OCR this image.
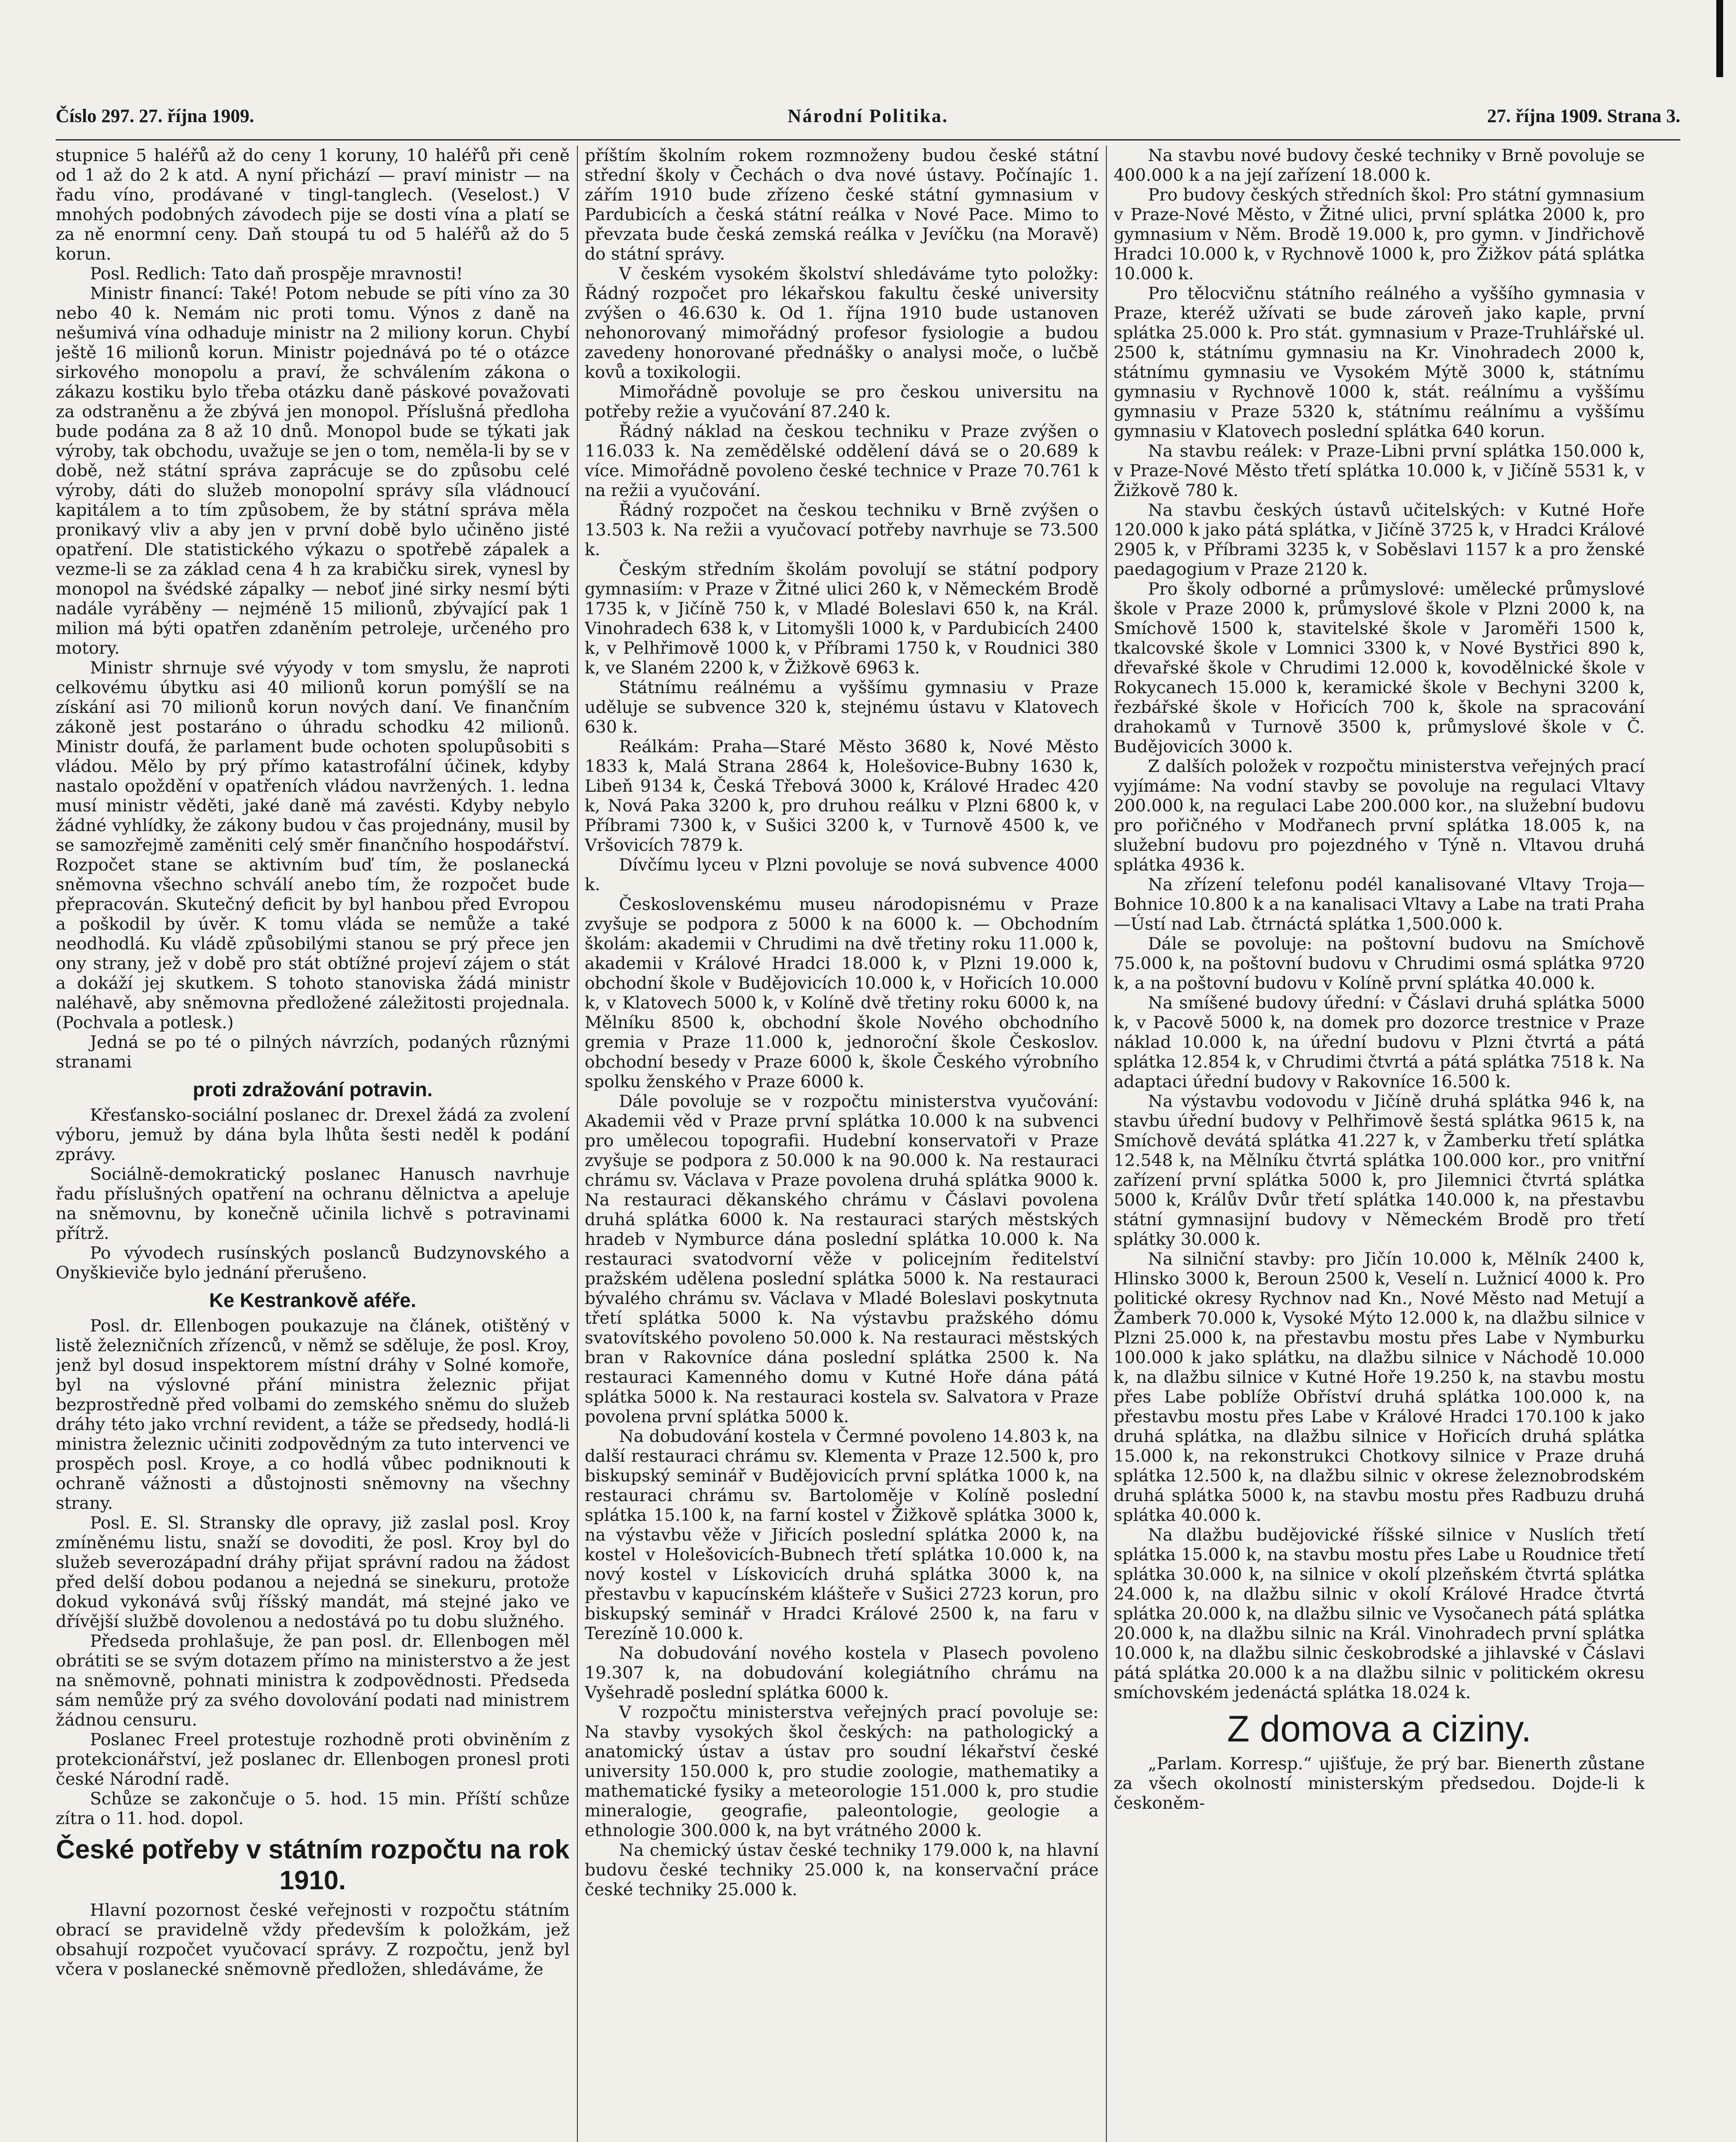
Číslo 297. 27. října 1909.	Národní Politika.	27. října 1909. Strana 3.

stupnice 5 haléřů až do ceny 1 koruny, 10 haléřů při ceně od 1 až do 2 k atd. A nyní přichází — praví ministr — na řadu víno, prodávané v tingl-tanglech. (Veselost.) V mnohých podobných závodech pije se dosti vína a platí se za ně enormní ceny. Daň stoupá tu od 5 haléřů až do 5 korun.

Posl. Redlich: Tato daň prospěje mravnosti!

Ministr financí: Také! Potom nebude se píti víno za 30 nebo 40 k. Nemám nic proti tomu. Výnos z daně na nešumivá vína odhaduje ministr na 2 miliony korun. Chybí ještě 16 milionů korun. Ministr pojednává po té o otázce sirkového monopolu a praví, že schválením zákona o zákazu kostiku bylo třeba otázku daně páskové považovati za odstraněnu a že zbývá jen monopol. Příslušná předloha bude podána za 8 až 10 dnů. Monopol bude se týkati jak výroby, tak obchodu, uvažuje se jen o tom, neměla-li by se v době, než státní správa zaprácuje se do způsobu celé výroby, dáti do služeb monopolní správy síla vládnoucí kapitálem a to tím způsobem, že by státní správa měla pronikavý vliv a aby jen v první době bylo učiněno jisté opatření. Dle statistického výkazu o spotřebě zápalek a vezme-li se za základ cena 4 h za krabičku sirek, vynesl by monopol na švédské zápalky — neboť jiné sirky nesmí býti nadále vyráběny — nejméně 15 milionů, zbývající pak 1 milion má býti opatřen zdaněním petroleje, určeného pro motory.

Ministr shrnuje své výyody v tom smyslu, že naproti celkovému úbytku asi 40 milionů korun pomýšlí se na získání asi 70 milionů korun nových daní. Ve finančním zákoně jest postaráno o úhradu schodku 42 milionů. Ministr doufá, že parlament bude ochoten spolupůsobiti s vládou. Mělo by prý přímo katastrofální účinek, kdyby nastalo opoždění v opatřeních vládou navržených. 1. ledna musí ministr věděti, jaké daně má zavésti. Kdyby nebylo žádné vyhlídky, že zákony budou v čas projednány, musil by se samozřejmě zaměniti celý směr finančního hospodářství. Rozpočet stane se aktivním buď tím, že poslanecká sněmovna všechno schválí anebo tím, že rozpočet bude přepracován. Skutečný deficit by byl hanbou před Evropou a poškodil by úvěr. K tomu vláda se nemůže a také neodhodlá. Ku vládě způsobilými stanou se prý přece jen ony strany, jež v době pro stát obtížné projeví zájem o stát a dokáží jej skutkem. S tohoto stanoviska žádá ministr naléhavě, aby sněmovna předložené záležitosti projednala. (Pochvala a potlesk.)

Jedná se po té o pilných návrzích, podaných různými stranami

proti zdražování potravin.

Křesťansko-sociální poslanec dr. Drexel žádá za zvolení výboru, jemuž by dána byla lhůta šesti neděl k podání zprávy.

Sociálně-demokratický poslanec Hanusch navrhuje řadu příslušných opatření na ochranu dělnictva a apeluje na sněmovnu, by konečně učinila lichvě s potravinami přítrž.

Po vývodech rusínských poslanců Budzynovského a Onyškieviče bylo jednání přerušeno.

Ke Kestrankově aféře.

Posl. dr. Ellenbogen poukazuje na článek, otištěný v listě železničních zřízenců, v němž se sděluje, že posl. Kroy, jenž byl dosud inspektorem místní dráhy v Solné komoře, byl na výslovné přání ministra železnic přijat bezprostředně před volbami do zemského sněmu do služeb dráhy této jako vrchní revident, a táže se předsedy, hodlá-li ministra železnic učiniti zodpovědným za tuto intervenci ve prospěch posl. Kroye, a co hodlá vůbec podniknouti k ochraně vážnosti a důstojnosti sněmovny na všechny strany.

Posl. E. Sl. Stransky dle opravy, již zaslal posl. Kroy zmíněnému listu, snaží se dovoditi, že posl. Kroy byl do služeb severozápadní dráhy přijat správní radou na žádost před delší dobou podanou a nejedná se sinekuru, protože dokud vykonává svůj říšský mandát, má stejné jako ve dřívější službě dovolenou a nedostává po tu dobu služného.

Předseda prohlašuje, že pan posl. dr. Ellenbogen měl obrátiti se se svým dotazem přímo na ministerstvo a že jest na sněmovně, pohnati ministra k zodpovědnosti. Předseda sám nemůže prý za svého dovolování podati nad ministrem žádnou censuru.

Poslanec Freel protestuje rozhodně proti obviněním z protekcionářství, jež poslanec dr. Ellenbogen pronesl proti české Národní radě.

Schůze se zakončuje o 5. hod. 15 min. Příští schůze zítra o 11. hod. dopol.

České potřeby v státním rozpočtu na rok 1910.

Hlavní pozornost české veřejnosti v rozpočtu státním obrací se pravidelně vždy především k položkám, jež obsahují rozpočet vyučovací správy. Z rozpočtu, jenž byl včera v poslanecké sněmovně předložen, shledáváme, že

příštím školním rokem rozmnoženy budou české státní střední školy v Čechách o dva nové ústavy. Počínajíc 1. zářím 1910 bude zřízeno české státní gymnasium v Pardubicích a česká státní reálka v Nové Pace. Mimo to převzata bude česká zemská reálka v Jevíčku (na Moravě) do státní správy.

V českém vysokém školství shledáváme tyto položky: Řádný rozpočet pro lékařskou fakultu české university zvýšen o 46.630 k. Od 1. října 1910 bude ustanoven nehonorovaný mimořádný profesor fysiologie a budou zavedeny honorované přednášky o analysi moče, o lučbě kovů a toxikologii.

Mimořádně povoluje se pro českou universitu na potřeby režie a vyučování 87.240 k.

Řádný náklad na českou techniku v Praze zvýšen o 116.033 k. Na zemědělské oddělení dává se o 20.689 k více. Mimořádně povoleno české technice v Praze 70.761 k na režii a vyučování.

Řádný rozpočet na českou techniku v Brně zvýšen o 13.503 k. Na režii a vyučovací potřeby navrhuje se 73.500 k.

Českým středním školám povolují se státní podpory gymnasiím: v Praze v Žitné ulici 260 k, v Německém Brodě 1735 k, v Jičíně 750 k, v Mladé Boleslavi 650 k, na Král. Vinohradech 638 k, v Litomyšli 1000 k, v Pardubicích 2400 k, v Pelhřimově 1000 k, v Příbrami 1750 k, v Roudnici 380 k, ve Slaném 2200 k, v Žižkově 6963 k.

Státnímu reálnému a vyššímu gymnasiu v Praze uděluje se subvence 320 k, stejnému ústavu v Klatovech 630 k.

Reálkám: Praha—Staré Město 3680 k, Nové Město 1833 k, Malá Strana 2864 k, Holešovice-Bubny 1630 k, Libeň 9134 k, Česká Třebová 3000 k, Králové Hradec 420 k, Nová Paka 3200 k, pro druhou reálku v Plzni 6800 k, v Příbrami 7300 k, v Sušici 3200 k, v Turnově 4500 k, ve Vršovicích 7879 k.

Dívčímu lyceu v Plzni povoluje se nová subvence 4000 k.

Československému museu národopisnému v Praze zvyšuje se podpora z 5000 k na 6000 k. — Obchodním školám: akademii v Chrudimi na dvě třetiny roku 11.000 k, akademii v Králové Hradci 18.000 k, v Plzni 19.000 k, obchodní škole v Budějovicích 10.000 k, v Hořicích 10.000 k, v Klatovech 5000 k, v Kolíně dvě třetiny roku 6000 k, na Mělníku 8500 k, obchodní škole Nového obchodního gremia v Praze 11.000 k, jednoroční škole Českoslov. obchodní besedy v Praze 6000 k, škole Českého výrobního spolku ženského v Praze 6000 k.

Dále povoluje se v rozpočtu ministerstva vyučování: Akademii věd v Praze první splátka 10.000 k na subvenci pro umělecou topografii. Hudební konservatoři v Praze zvyšuje se podpora z 50.000 k na 90.000 k. Na restauraci chrámu sv. Václava v Praze povolena druhá splátka 9000 k. Na restauraci děkanského chrámu v Čáslavi povolena druhá splátka 6000 k. Na restauraci starých městských hradeb v Nymburce dána poslední splátka 10.000 k. Na restauraci svatodvorní věže v policejním ředitelství pražském udělena poslední splátka 5000 k. Na restauraci bývalého chrámu sv. Václava v Mladé Boleslavi poskytnuta třetí splátka 5000 k. Na výstavbu pražského dómu svatovítského povoleno 50.000 k. Na restauraci městských bran v Rakovníce dána poslední splátka 2500 k. Na restauraci Kamenného domu v Kutné Hoře dána pátá splátka 5000 k. Na restauraci kostela sv. Salvatora v Praze povolena první splátka 5000 k.

Na dobudování kostela v Čermné povoleno 14.803 k, na další restauraci chrámu sv. Klementa v Praze 12.500 k, pro biskupský seminář v Budějovicích první splátka 1000 k, na restauraci chrámu sv. Bartoloměje v Kolíně poslední splátka 15.100 k, na farní kostel v Žižkově splátka 3000 k, na výstavbu věže v Jiřicích poslední splátka 2000 k, na kostel v Holešovicích-Bubnech třetí splátka 10.000 k, na nový kostel v Lískovicích druhá splátka 3000 k, na přestavbu v kapucínském klášteře v Sušici 2723 korun, pro biskupský seminář v Hradci Králové 2500 k, na faru v Terezíně 10.000 k.

Na dobudování nového kostela v Plasech povoleno 19.307 k, na dobudování kolegiátního chrámu na Vyšehradě poslední splátka 6000 k.

V rozpočtu ministerstva veřejných prací povoluje se: Na stavby vysokých škol českých: na pathologický a anatomický ústav a ústav pro soudní lékařství české university 150.000 k, pro studie zoologie, mathematiky a mathematické fysiky a meteorologie 151.000 k, pro studie mineralogie, geografie, paleontologie, geologie a ethnologie 300.000 k, na byt vrátného 2000 k.

Na chemický ústav české techniky 179.000 k, na hlavní budovu české techniky 25.000 k, na konservační práce české techniky 25.000 k.

Na stavbu nové budovy české techniky v Brně povoluje se 400.000 k a na její zařízení 18.000 k.

Pro budovy českých středních škol: Pro státní gymnasium v Praze-Nové Město, v Žitné ulici, první splátka 2000 k, pro gymnasium v Něm. Brodě 19.000 k, pro gymn. v Jindřichově Hradci 10.000 k, v Rychnově 1000 k, pro Žižkov pátá splátka 10.000 k.

Pro tělocvičnu státního reálného a vyššího gymnasia v Praze, kteréž užívati se bude zároveň jako kaple, první splátka 25.000 k. Pro stát. gymnasium v Praze-Truhlářské ul. 2500 k, státnímu gymnasiu na Kr. Vinohradech 2000 k, státnímu gymnasiu ve Vysokém Mýtě 3000 k, státnímu gymnasiu v Rychnově 1000 k, stát. reálnímu a vyššímu gymnasiu v Praze 5320 k, státnímu reálnímu a vyššímu gymnasiu v Klatovech poslední splátka 640 korun.

Na stavbu reálek: v Praze-Libni první splátka 150.000 k, v Praze-Nové Město třetí splátka 10.000 k, v Jičíně 5531 k, v Žižkově 780 k.

Na stavbu českých ústavů učitelských: v Kutné Hoře 120.000 k jako pátá splátka, v Jičíně 3725 k, v Hradci Králové 2905 k, v Příbrami 3235 k, v Soběslavi 1157 k a pro ženské paedagogium v Praze 2120 k.

Pro školy odborné a průmyslové: umělecké průmyslové škole v Praze 2000 k, průmyslové škole v Plzni 2000 k, na Smíchově 1500 k, stavitelské škole v Jaroměři 1500 k, tkalcovské škole v Lomnici 3300 k, v Nové Bystřici 890 k, dřevařské škole v Chrudimi 12.000 k, kovodělnické škole v Rokycanech 15.000 k, keramické škole v Bechyni 3200 k, řezbářské škole v Hořicích 700 k, škole na spracování drahokamů v Turnově 3500 k, průmyslové škole v Č. Budějovicích 3000 k.

Z dalších položek v rozpočtu ministerstva veřejných prací vyjímáme: Na vodní stavby se povoluje na regulaci Vltavy 200.000 k, na regulaci Labe 200.000 kor., na služební budovu pro pořičného v Modřanech první splátka 18.005 k, na služební budovu pro pojezdného v Týně n. Vltavou druhá splátka 4936 k.

Na zřízení telefonu podél kanalisované Vltavy Troja—Bohnice 10.800 k a na kanalisaci Vltavy a Labe na trati Praha—Ústí nad Lab. čtrnáctá splátka 1,500.000 k.

Dále se povoluje: na poštovní budovu na Smíchově 75.000 k, na poštovní budovu v Chrudimi osmá splátka 9720 k, a na poštovní budovu v Kolíně první splátka 40.000 k.

Na smíšené budovy úřední: v Čáslavi druhá splátka 5000 k, v Pacově 5000 k, na domek pro dozorce trestnice v Praze náklad 10.000 k, na úřední budovu v Plzni čtvrtá a pátá splátka 12.854 k, v Chrudimi čtvrtá a pátá splátka 7518 k. Na adaptaci úřední budovy v Rakovníce 16.500 k.

Na výstavbu vodovodu v Jičíně druhá splátka 946 k, na stavbu úřední budovy v Pelhřimově šestá splátka 9615 k, na Smíchově devátá splátka 41.227 k, v Žamberku třetí splátka 12.548 k, na Mělníku čtvrtá splátka 100.000 kor., pro vnitřní zařízení první splátka 5000 k, pro Jilemnici čtvrtá splátka 5000 k, Králův Dvůr třetí splátka 140.000 k, na přestavbu státní gymnasijní budovy v Německém Brodě pro třetí splátky 30.000 k.

Na silniční stavby: pro Jičín 10.000 k, Mělník 2400 k, Hlinsko 3000 k, Beroun 2500 k, Veselí n. Lužnicí 4000 k. Pro politické okresy Rychnov nad Kn., Nové Město nad Metují a Žamberk 70.000 k, Vysoké Mýto 12.000 k, na dlažbu silnice v Plzni 25.000 k, na přestavbu mostu přes Labe v Nymburku 100.000 k jako splátku, na dlažbu silnice v Náchodě 10.000 k, na dlažbu silnice v Kutné Hoře 19.250 k, na stavbu mostu přes Labe poblíže Obříství druhá splátka 100.000 k, na přestavbu mostu přes Labe v Králové Hradci 170.100 k jako druhá splátka, na dlažbu silnice v Hořicích druhá splátka 15.000 k, na rekonstrukci Chotkovy silnice v Praze druhá splátka 12.500 k, na dlažbu silnic v okrese železnobrodském druhá splátka 5000 k, na stavbu mostu přes Radbuzu druhá splátka 40.000 k.

Na dlažbu budějovické říšské silnice v Nuslích třetí splátka 15.000 k, na stavbu mostu přes Labe u Roudnice třetí splátka 30.000 k, na silnice v okolí plzeňském čtvrtá splátka 24.000 k, na dlažbu silnic v okolí Králové Hradce čtvrtá splátka 20.000 k, na dlažbu silnic ve Vysočanech pátá splátka 20.000 k, na dlažbu silnic na Král. Vinohradech první splátka 10.000 k, na dlažbu silnic českobrodské a jihlavské v Čáslavi pátá splátka 20.000 k a na dlažbu silnic v politickém okresu smíchovském jedenáctá splátka 18.024 k.

Z domova a ciziny.

„Parlam. Korresp.“ ujišťuje, že prý bar. Bienerth zůstane za všech okolností ministerským předsedou. Dojde-li k českoněm-
